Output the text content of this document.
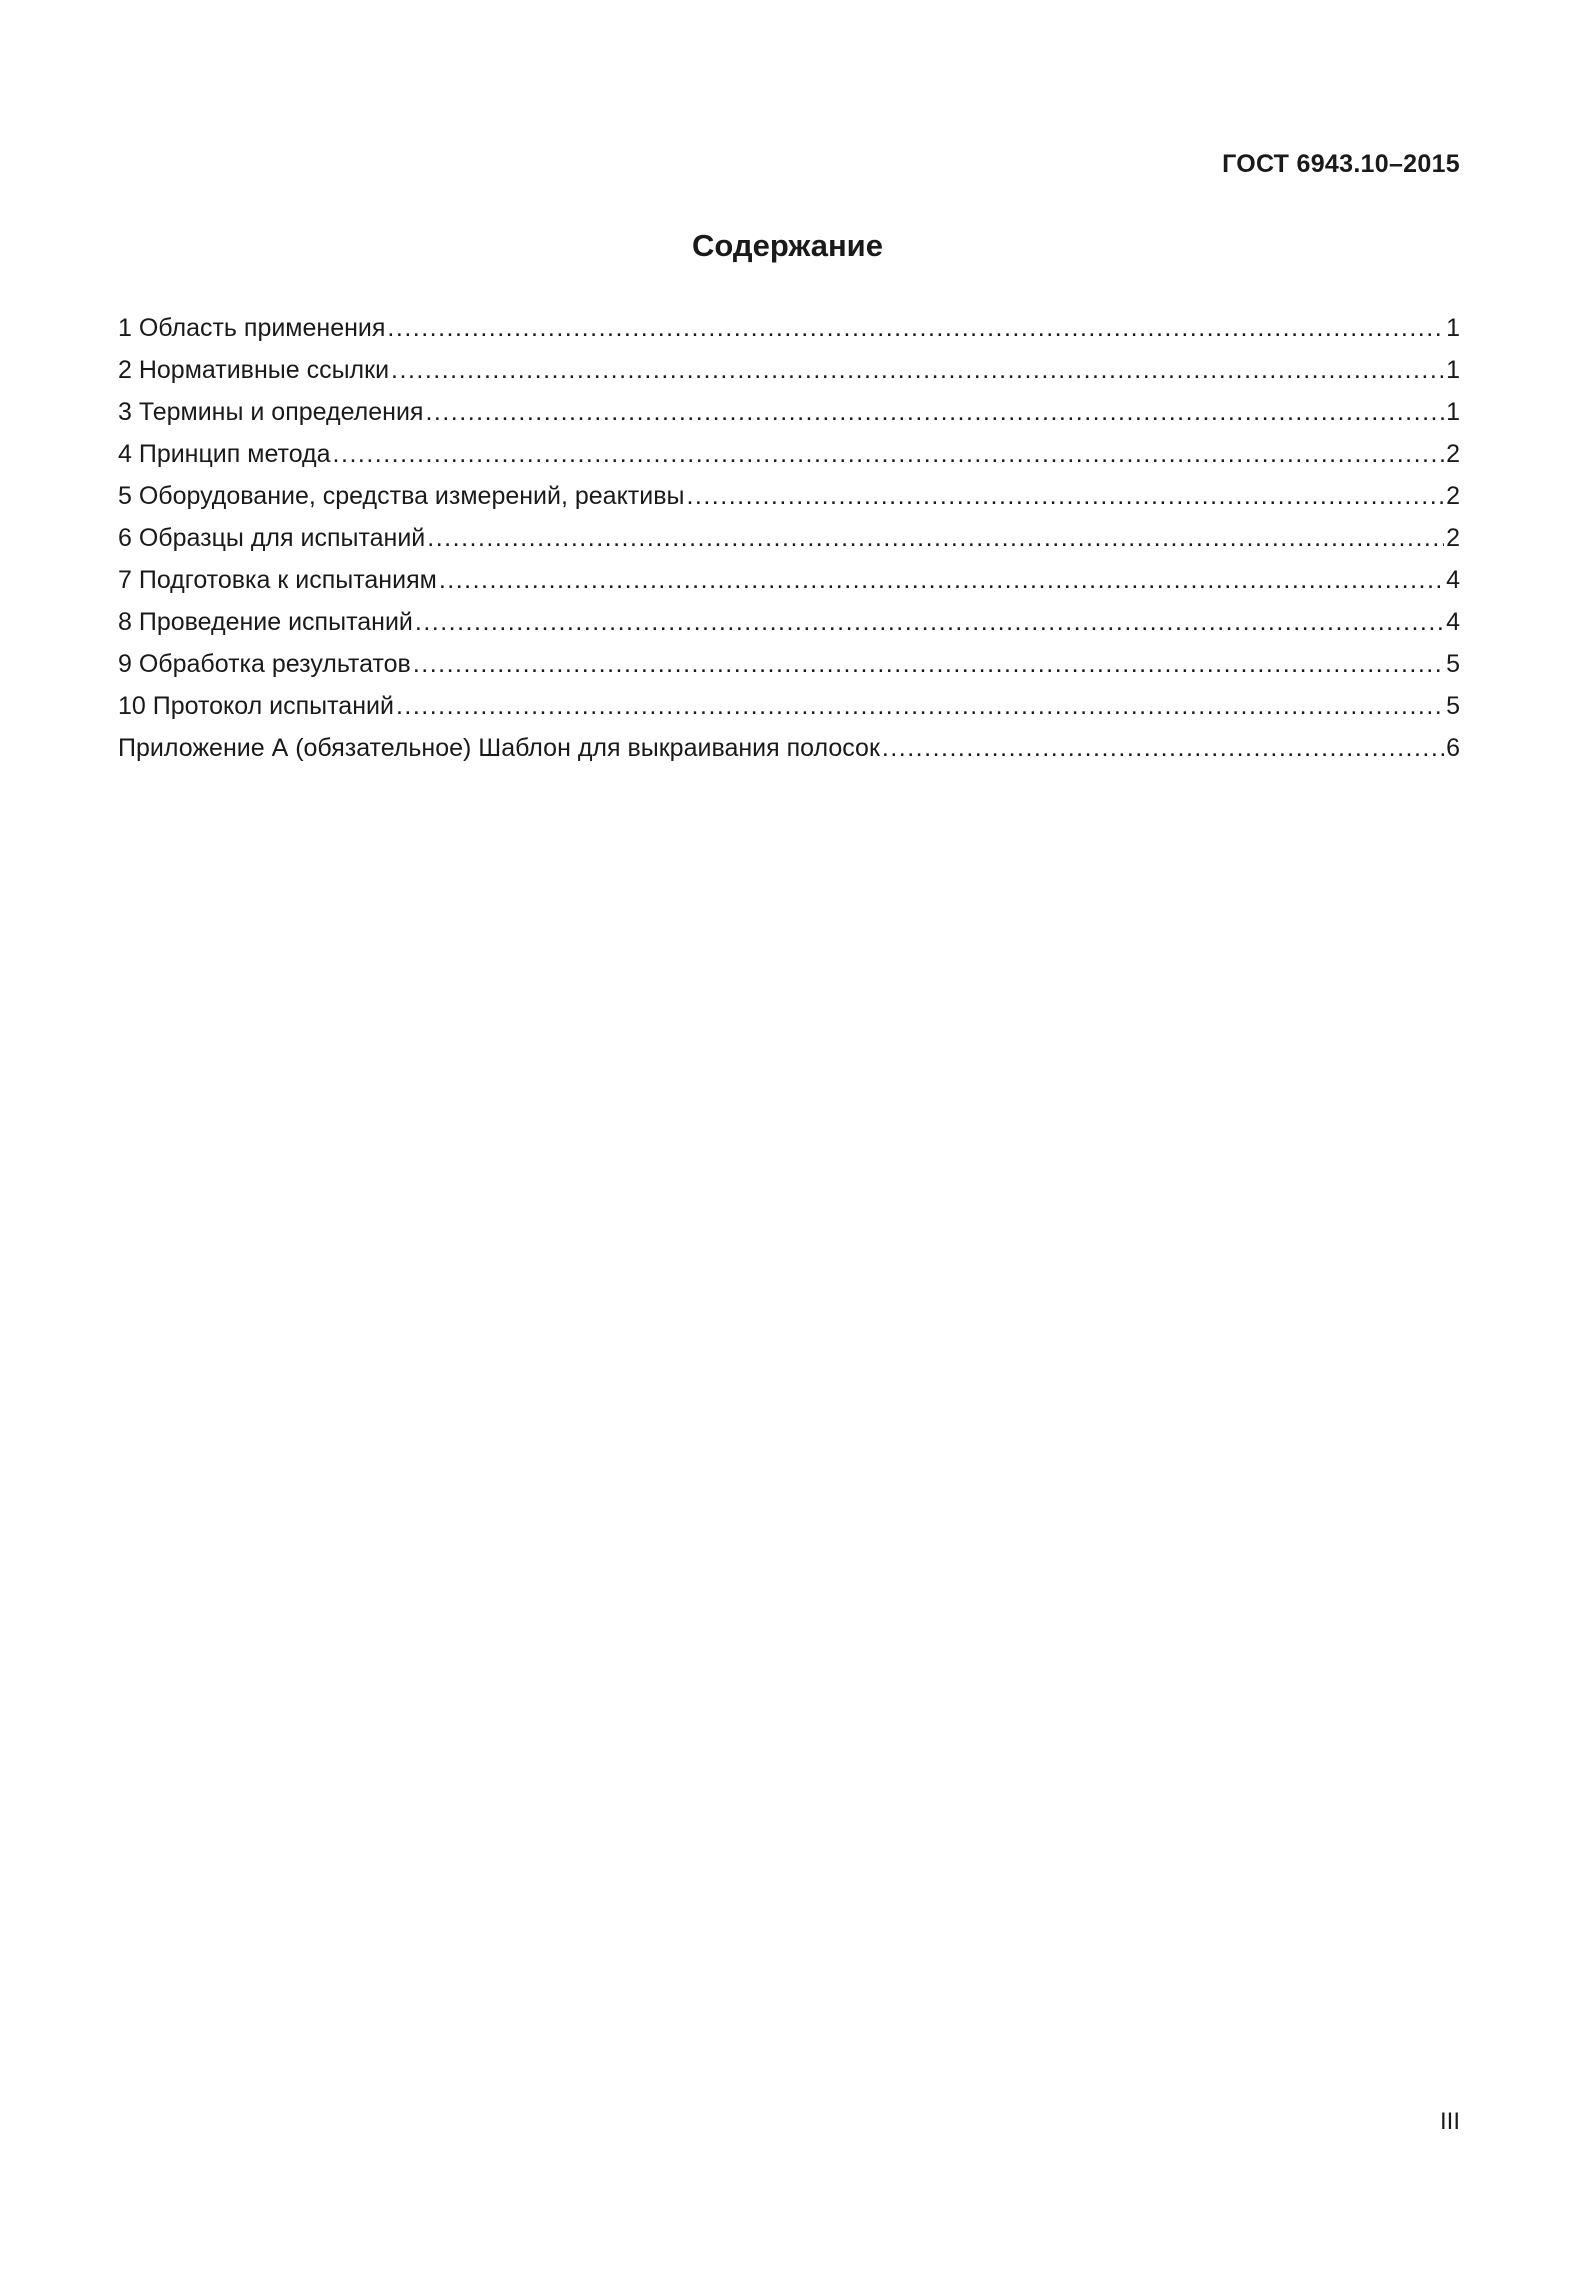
ГОСТ 6943.10–2015
Содержание
1 Область применения .....	1
2 Нормативные ссылки .....	1
3 Термины и определения .....	1
4 Принцип метода .....	2
5 Оборудование, средства измерений, реактивы .....	2
6 Образцы для испытаний .....	2
7 Подготовка к испытаниям .....	4
8 Проведение испытаний .....	4
9 Обработка результатов .....	5
10 Протокол испытаний .....	5
Приложение А (обязательное) Шаблон для выкраивания полосок .....	6
III
